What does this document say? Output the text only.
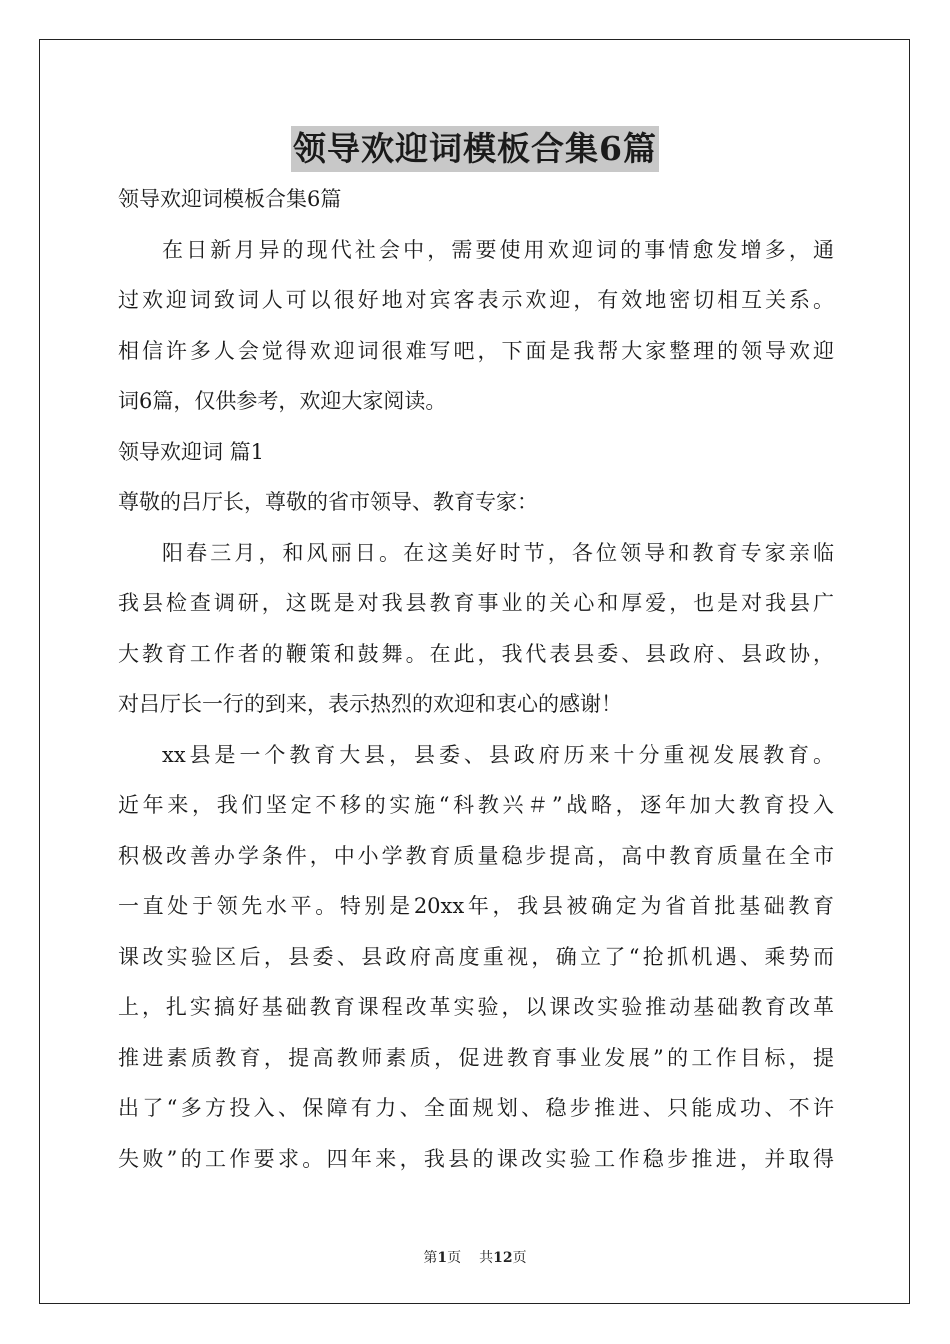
领导欢迎词模板合集6篇
领导欢迎词模板合集6篇
在日新月异的现代社会中，需要使用欢迎词的事情愈发增多，通
过欢迎词致词人可以很好地对宾客表示欢迎，有效地密切相互关系。
相信许多人会觉得欢迎词很难写吧，下面是我帮大家整理的领导欢迎
词6篇，仅供参考，欢迎大家阅读。
领导欢迎词 篇1
尊敬的吕厅长，尊敬的省市领导、教育专家：
阳春三月，和风丽日。在这美好时节，各位领导和教育专家亲临
我县检查调研，这既是对我县教育事业的关心和厚爱，也是对我县广
大教育工作者的鞭策和鼓舞。在此，我代表县委、县政府、县政协，
对吕厅长一行的到来，表示热烈的欢迎和衷心的感谢！
xx县是一个教育大县，县委、县政府历来十分重视发展教育。
近年来，我们坚定不移的实施“科教兴＃”战略，逐年加大教育投入
积极改善办学条件，中小学教育质量稳步提高，高中教育质量在全市
一直处于领先水平。特别是20xx年，我县被确定为省首批基础教育
课改实验区后，县委、县政府高度重视，确立了“抢抓机遇、乘势而
上，扎实搞好基础教育课程改革实验，以课改实验推动基础教育改革
推进素质教育，提高教师素质，促进教育事业发展”的工作目标，提
出了“多方投入、保障有力、全面规划、稳步推进、只能成功、不许
失败”的工作要求。四年来，我县的课改实验工作稳步推进，并取得
第1页 共12页
